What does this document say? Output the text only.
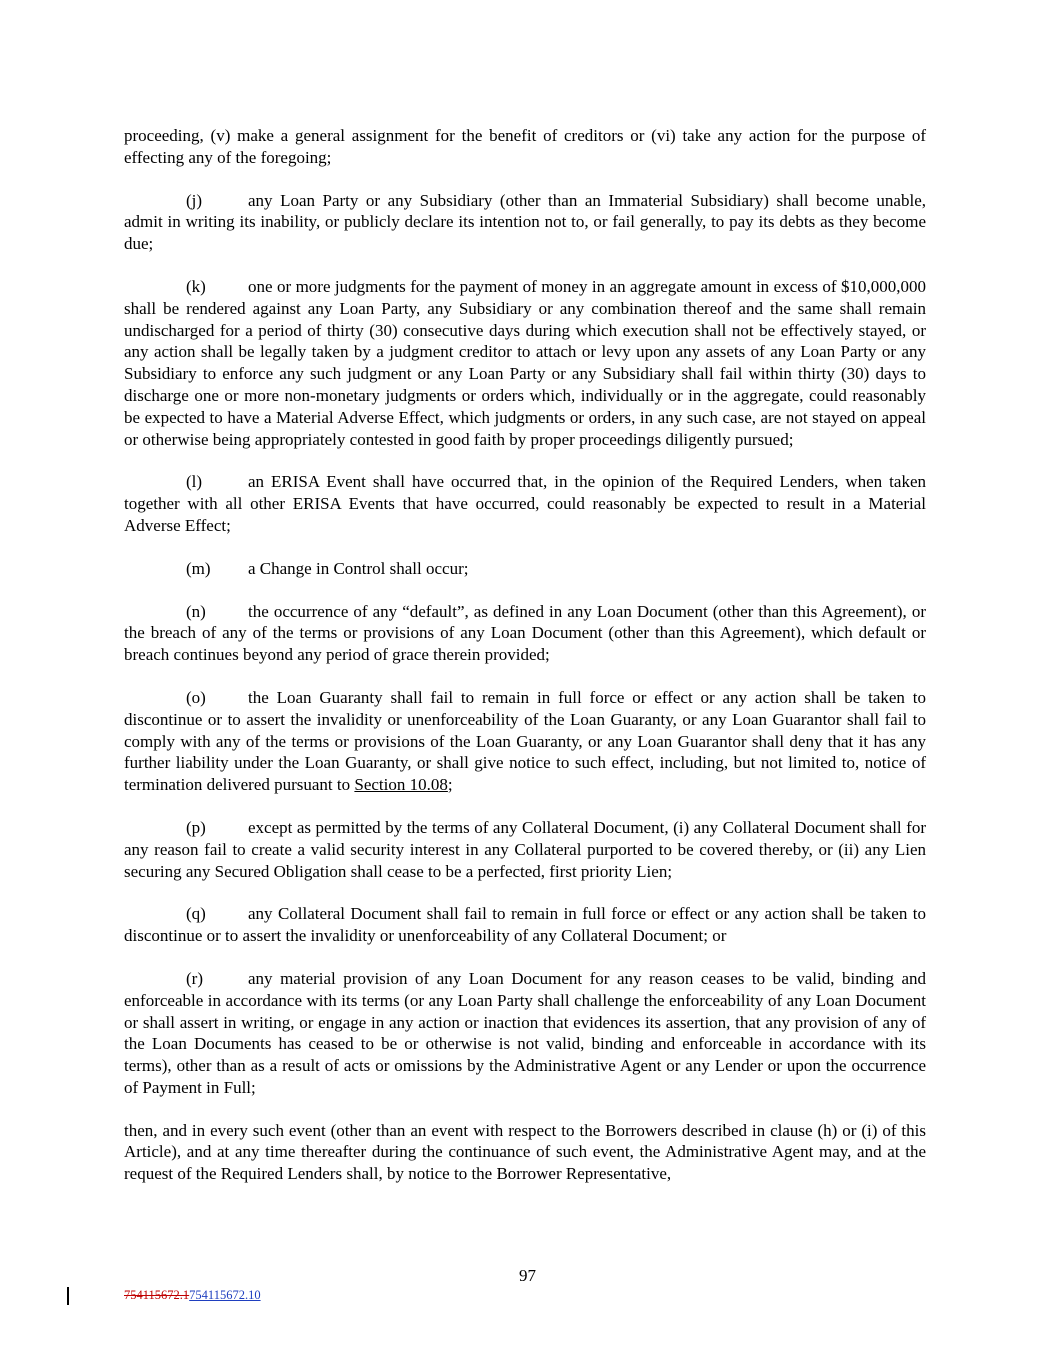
proceeding, (v) make a general assignment for the benefit of creditors or (vi) take any action for the purpose of effecting any of the foregoing;

(j)	any Loan Party or any Subsidiary (other than an Immaterial Subsidiary) shall become unable, admit in writing its inability, or publicly declare its intention not to, or fail generally, to pay its debts as they become due;

(k) one or more judgments for the payment of money in an aggregate amount in excess of $10,000,000 shall be rendered against any Loan Party, any Subsidiary or any combination thereof and the same shall remain undischarged for a period of thirty (30) consecutive days during which execution shall not be effectively stayed, or any action shall be legally taken by a judgment creditor to attach or levy upon any assets of any Loan Party or any Subsidiary to enforce any such judgment or any Loan Party or any Subsidiary shall fail within thirty (30) days to discharge one or more non-monetary judgments or orders which, individually or in the aggregate, could reasonably be expected to have a Material Adverse Effect, which judgments or orders, in any such case, are not stayed on appeal or otherwise being appropriately contested in good faith by proper proceedings diligently pursued;

(l)	an ERISA Event shall have occurred that, in the opinion of the Required Lenders, when taken together with all other ERISA Events that have occurred, could reasonably be expected to result in a Material Adverse Effect;

(m) a Change in Control shall occur;

(n) the occurrence of any “default”, as defined in any Loan Document (other than this Agreement), or the breach of any of the terms or provisions of any Loan Document (other than this Agreement), which default or breach continues beyond any period of grace therein provided;

(o) the Loan Guaranty shall fail to remain in full force or effect or any action shall be taken to discontinue or to assert the invalidity or unenforceability of the Loan Guaranty, or any Loan Guarantor shall fail to comply with any of the terms or provisions of the Loan Guaranty, or any Loan Guarantor shall deny that it has any further liability under the Loan Guaranty, or shall give notice to such effect, including, but not limited to, notice of termination delivered pursuant to Section 10.08;

(p) except as permitted by the terms of any Collateral Document, (i) any Collateral Document shall for any reason fail to create a valid security interest in any Collateral purported to be covered thereby, or (ii) any Lien securing any Secured Obligation shall cease to be a perfected, first priority Lien;

(q) any Collateral Document shall fail to remain in full force or effect or any action shall be taken to discontinue or to assert the invalidity or unenforceability of any Collateral Document; or

(r)	any material provision of any Loan Document for any reason ceases to be valid, binding and enforceable in accordance with its terms (or any Loan Party shall challenge the enforceability of any Loan Document or shall assert in writing, or engage in any action or inaction that evidences its assertion, that any provision of any of the Loan Documents has ceased to be or otherwise is not valid, binding and enforceable in accordance with its terms), other than as a result of acts or omissions by the Administrative Agent or any Lender or upon the occurrence of Payment in Full;

then, and in every such event (other than an event with respect to the Borrowers described in clause (h) or (i) of this Article), and at any time thereafter during the continuance of such event, the Administrative Agent may, and at the request of the Required Lenders shall, by notice to the Borrower Representative,

97
754115672.1754115672.10
